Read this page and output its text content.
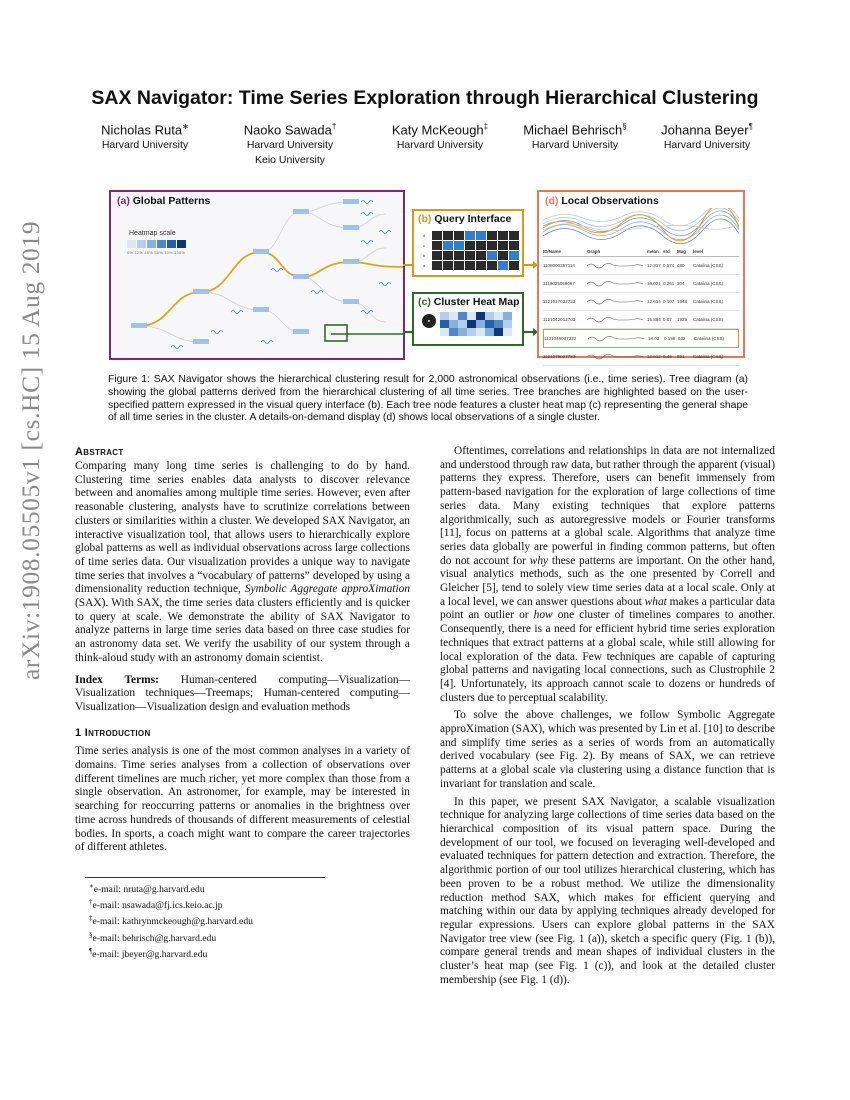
arXiv:1908.05505v1 [cs.HC] 15 Aug 2019
SAX Navigator: Time Series Exploration through Hierarchical Clustering
Nicholas Ruta∗
Harvard University
Naoko Sawada†
Harvard University
Keio University
Katy McKeough‡
Harvard University
Michael Behrisch§
Harvard University
Johanna Beyer¶
Harvard University
(a) Global Patterns
Heatmap scale
0% 12% 40% 50% 70% 100%
(b) Query Interface
d
c
b
a
(c) Cluster Heat Map
●
(d) Local Observations
ID/Name	Graph	mean std	Mag	level
1108000357114	12.317 0.574 480	Catalina (CSS)
1118025058067	16.021 0.261 304	Catalina (CSS)
1121017032733	12.614 0.107 1648	Catalina (CSS)
1121042012703	15.864 0.07	1929	Catalina (CSS)
1121046007322	18.02	0.196 932	Catalina (CSS)
1121079027783	12.612 0.49	851	Catalina (CSS)
Figure 1: SAX Navigator shows the hierarchical clustering result for 2,000 astronomical observations (i.e., time series). Tree diagram (a) showing the global patterns derived from the hierarchical clustering of all time series. Tree branches are highlighted based on the user-specified pattern expressed in the visual query interface (b). Each tree node features a cluster heat map (c) representing the general shape of all time series in the cluster. A details-on-demand display (d) shows local observations of a single cluster.
Abstract

Comparing many long time series is challenging to do by hand. Clustering time series enables data analysts to discover relevance between and anomalies among multiple time series. However, even after reasonable clustering, analysts have to scrutinize correlations between clusters or similarities within a cluster. We developed SAX Navigator, an interactive visualization tool, that allows users to hierarchically explore global patterns as well as individual observations across large collections of time series data. Our visualization provides a unique way to navigate time series that involves a “vocabulary of patterns” developed by using a dimensionality reduction technique, Symbolic Aggregate approXimation (SAX). With SAX, the time series data clusters efficiently and is quicker to query at scale. We demonstrate the ability of SAX Navigator to analyze patterns in large time series data based on three case studies for an astronomy data set. We verify the usability of our system through a think-aloud study with an astronomy domain scientist.

Index Terms: Human-centered computing—Visualization—Visualization techniques—Treemaps; Human-centered computing—Visualization—Visualization design and evaluation methods

1 Introduction

Time series analysis is one of the most common analyses in a variety of domains. Time series analyses from a collection of observations over different timelines are much richer, yet more complex than those from a single observation. An astronomer, for example, may be interested in searching for reoccurring patterns or anomalies in the brightness over time across hundreds of thousands of different measurements of celestial bodies. In sports, a coach might want to compare the career trajectories of different athletes.

∗e-mail: nruta@g.harvard.edu
†e-mail: nsawada@fj.ics.keio.ac.jp
‡e-mail: kathrynmckeough@g.harvard.edu
§e-mail: behrisch@g.harvard.edu
¶e-mail: jbeyer@g.harvard.edu

Oftentimes, correlations and relationships in data are not internalized and understood through raw data, but rather through the apparent (visual) patterns they express. Therefore, users can benefit immensely from pattern-based navigation for the exploration of large collections of time series data. Many existing techniques that explore patterns algorithmically, such as autoregressive models or Fourier transforms [11], focus on patterns at a global scale. Algorithms that analyze time series data globally are powerful in finding common patterns, but often do not account for why these patterns are important. On the other hand, visual analytics methods, such as the one presented by Correll and Gleicher [5], tend to solely view time series data at a local scale. Only at a local level, we can answer questions about what makes a particular data point an outlier or how one cluster of timelines compares to another. Consequently, there is a need for efficient hybrid time series exploration techniques that extract patterns at a global scale, while still allowing for local exploration of the data. Few techniques are capable of capturing global patterns and navigating local connections, such as Clustrophile 2 [4]. Unfortunately, its approach cannot scale to dozens or hundreds of clusters due to perceptual scalability.

To solve the above challenges, we follow Symbolic Aggregate approXimation (SAX), which was presented by Lin et al. [10] to describe and simplify time series as a series of words from an automatically derived vocabulary (see Fig. 2). By means of SAX, we can retrieve patterns at a global scale via clustering using a distance function that is invariant for translation and scale.

In this paper, we present SAX Navigator, a scalable visualization technique for analyzing large collections of time series data based on the hierarchical composition of its visual pattern space. During the development of our tool, we focused on leveraging well-developed and evaluated techniques for pattern detection and extraction. Therefore, the algorithmic portion of our tool utilizes hierarchical clustering, which has been proven to be a robust method. We utilize the dimensionality reduction method SAX, which makes for efficient querying and matching within our data by applying techniques already developed for regular expressions. Users can explore global patterns in the SAX Navigator tree view (see Fig. 1 (a)), sketch a specific query (Fig. 1 (b)), compare general trends and mean shapes of individual clusters in the cluster’s heat map (see Fig. 1 (c)), and look at the detailed cluster membership (see Fig. 1 (d)).
